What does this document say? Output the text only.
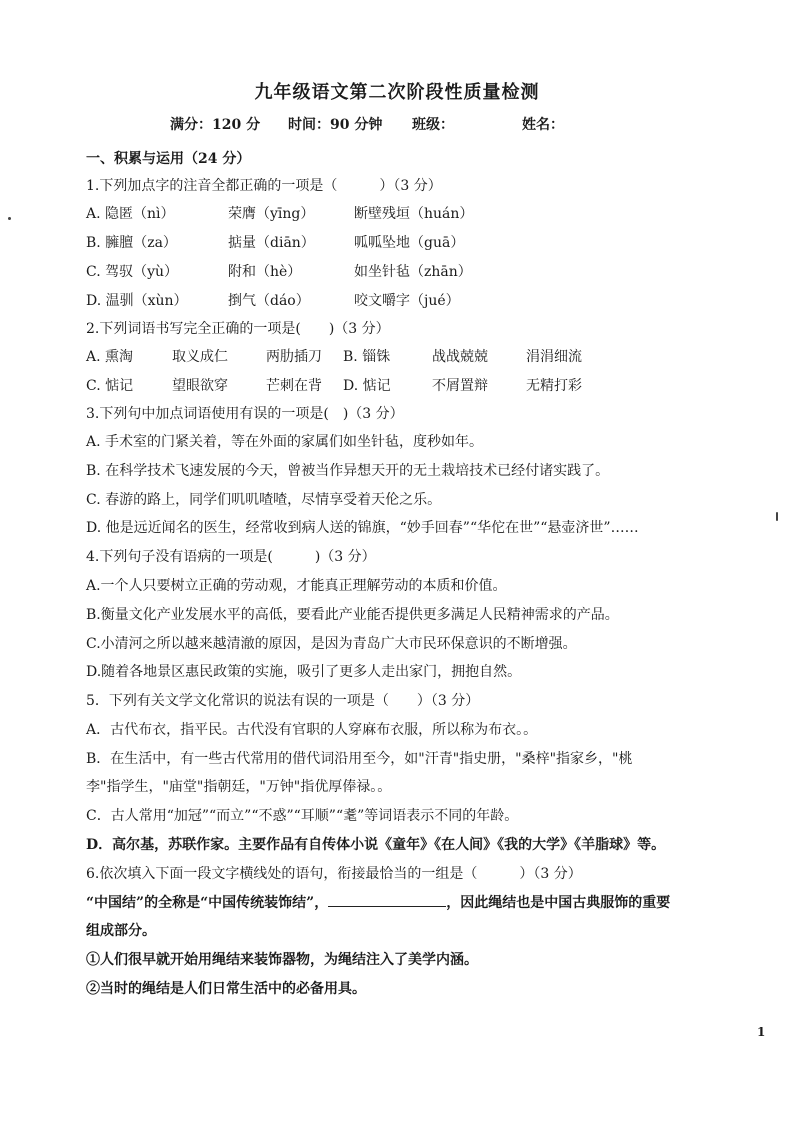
九年级语文第二次阶段性质量检测
满分：120 分 时间：90 分钟 班级：	姓名：
一、积累与运用（24 分）
1.下列加点字的注音全都正确的一项是（　　　）（3 分）
A. 隐匿（nì）	荣膺（yīng）	断壁残垣（huán）
B. 臃膻（za）	掂量（diān）	呱呱坠地（guā）
C. 驾驭（yù）	附和（hè）	如坐针毡（zhān）
D. 温驯（xùn）	捯气（dáo）	咬文嚼字（jué）
2.下列词语书写完全正确的一项是(　　)（3 分）
A. 熏淘	取义成仁	两肋插刀 B. 锱铢	战战兢兢	涓涓细流
C. 惦记	望眼欲穿	芒刺在背 D. 惦记	不屑置辩	无精打彩
3.下列句中加点词语使用有误的一项是(　)（3 分）
A. 手术室的门紧关着，等在外面的家属们如坐针毡，度秒如年。
B. 在科学技术飞速发展的今天，曾被当作异想天开的无土栽培技术已经付诸实践了。
C. 春游的路上，同学们叽叽喳喳，尽情享受着天伦之乐。
D. 他是远近闻名的医生，经常收到病人送的锦旗，“妙手回春”“华佗在世”“悬壶济世”……
4.下列句子没有语病的一项是(　　　)（3 分）
A.一个人只要树立正确的劳动观，才能真正理解劳动的本质和价值。
B.衡量文化产业发展水平的高低，要看此产业能否提供更多满足人民精神需求的产品。
C.小清河之所以越来越清澈的原因，是因为青岛广大市民环保意识的不断增强。
D.随着各地景区惠民政策的实施，吸引了更多人走出家门，拥抱自然。
5．下列有关文学文化常识的说法有误的一项是（　　）（3 分）
A．古代布衣，指平民。古代没有官职的人穿麻布衣服，所以称为布衣。。
B．在生活中，有一些古代常用的借代词沿用至今，如"汗青"指史册，"桑梓"指家乡，"桃
李"指学生，"庙堂"指朝廷，"万钟"指优厚俸禄。。
C．古人常用“加冠”“而立”“不惑”“耳顺”“耄”等词语表示不同的年龄。
D．高尔基，苏联作家。主要作品有自传体小说《童年》《在人间》《我的大学》《羊脂球》等。
6.依次填入下面一段文字横线处的语句，衔接最恰当的一组是（　　　）（3 分）
“中国结”的全称是“中国传统装饰结”，	，因此绳结也是中国古典服饰的重要
组成部分。
①人们很早就开始用绳结来装饰器物，为绳结注入了美学内涵。
②当时的绳结是人们日常生活中的必备用具。
1
